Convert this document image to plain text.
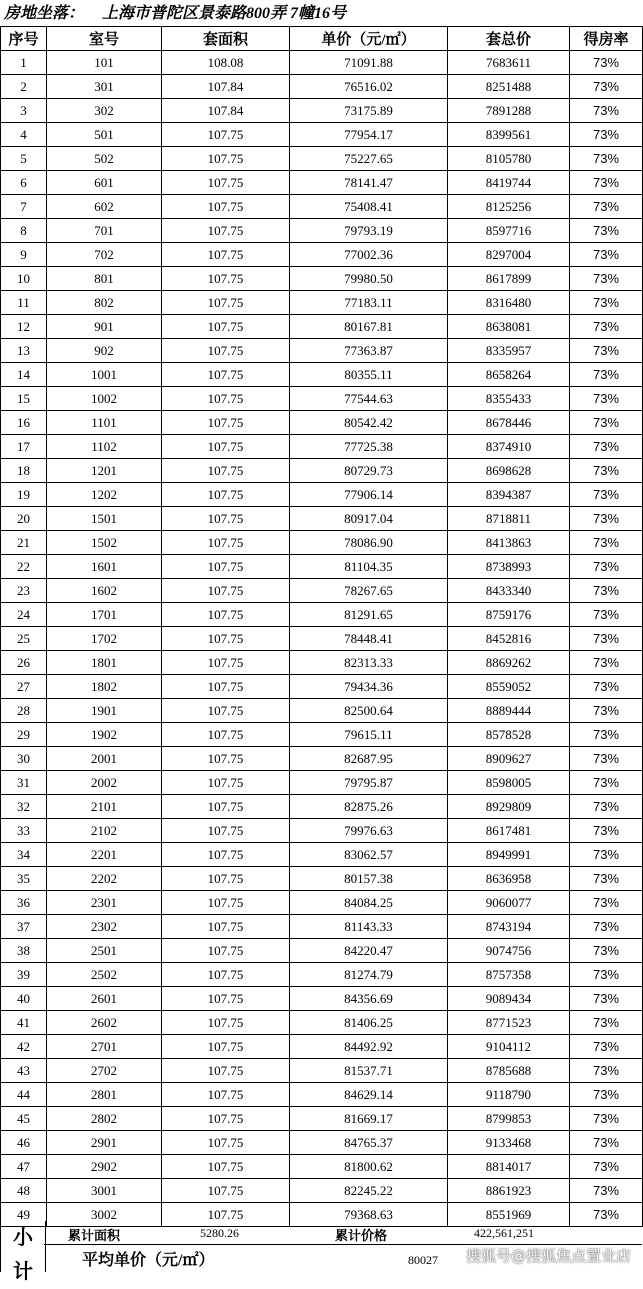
房地坐落： 上海市普陀区景泰路800弄 7幢16号
序号	室号	套面积	单价（元/㎡）	套总价	得房率
1	101	108.08	71091.88	7683611	73%
2	301	107.84	76516.02	8251488	73%
3	302	107.84	73175.89	7891288	73%
4	501	107.75	77954.17	8399561	73%
5	502	107.75	75227.65	8105780	73%
6	601	107.75	78141.47	8419744	73%
7	602	107.75	75408.41	8125256	73%
8	701	107.75	79793.19	8597716	73%
9	702	107.75	77002.36	8297004	73%
10	801	107.75	79980.50	8617899	73%
11	802	107.75	77183.11	8316480	73%
12	901	107.75	80167.81	8638081	73%
13	902	107.75	77363.87	8335957	73%
14	1001	107.75	80355.11	8658264	73%
15	1002	107.75	77544.63	8355433	73%
16	1101	107.75	80542.42	8678446	73%
17	1102	107.75	77725.38	8374910	73%
18	1201	107.75	80729.73	8698628	73%
19	1202	107.75	77906.14	8394387	73%
20	1501	107.75	80917.04	8718811	73%
21	1502	107.75	78086.90	8413863	73%
22	1601	107.75	81104.35	8738993	73%
23	1602	107.75	78267.65	8433340	73%
24	1701	107.75	81291.65	8759176	73%
25	1702	107.75	78448.41	8452816	73%
26	1801	107.75	82313.33	8869262	73%
27	1802	107.75	79434.36	8559052	73%
28	1901	107.75	82500.64	8889444	73%
29	1902	107.75	79615.11	8578528	73%
30	2001	107.75	82687.95	8909627	73%
31	2002	107.75	79795.87	8598005	73%
32	2101	107.75	82875.26	8929809	73%
33	2102	107.75	79976.63	8617481	73%
34	2201	107.75	83062.57	8949991	73%
35	2202	107.75	80157.38	8636958	73%
36	2301	107.75	84084.25	9060077	73%
37	2302	107.75	81143.33	8743194	73%
38	2501	107.75	84220.47	9074756	73%
39	2502	107.75	81274.79	8757358	73%
40	2601	107.75	84356.69	9089434	73%
41	2602	107.75	81406.25	8771523	73%
42	2701	107.75	84492.92	9104112	73%
43	2702	107.75	81537.71	8785688	73%
44	2801	107.75	84629.14	9118790	73%
45	2802	107.75	81669.17	8799853	73%
46	2901	107.75	84765.37	9133468	73%
47	2902	107.75	81800.62	8814017	73%
48	3001	107.75	82245.22	8861923	73%
49	3002	107.75	79368.63	8551969	73%
小
计
累计面积	5280.26	累计价格	422,561,251
平均单价（元/㎡）	80027 搜狐号@搜狐焦点置业店
